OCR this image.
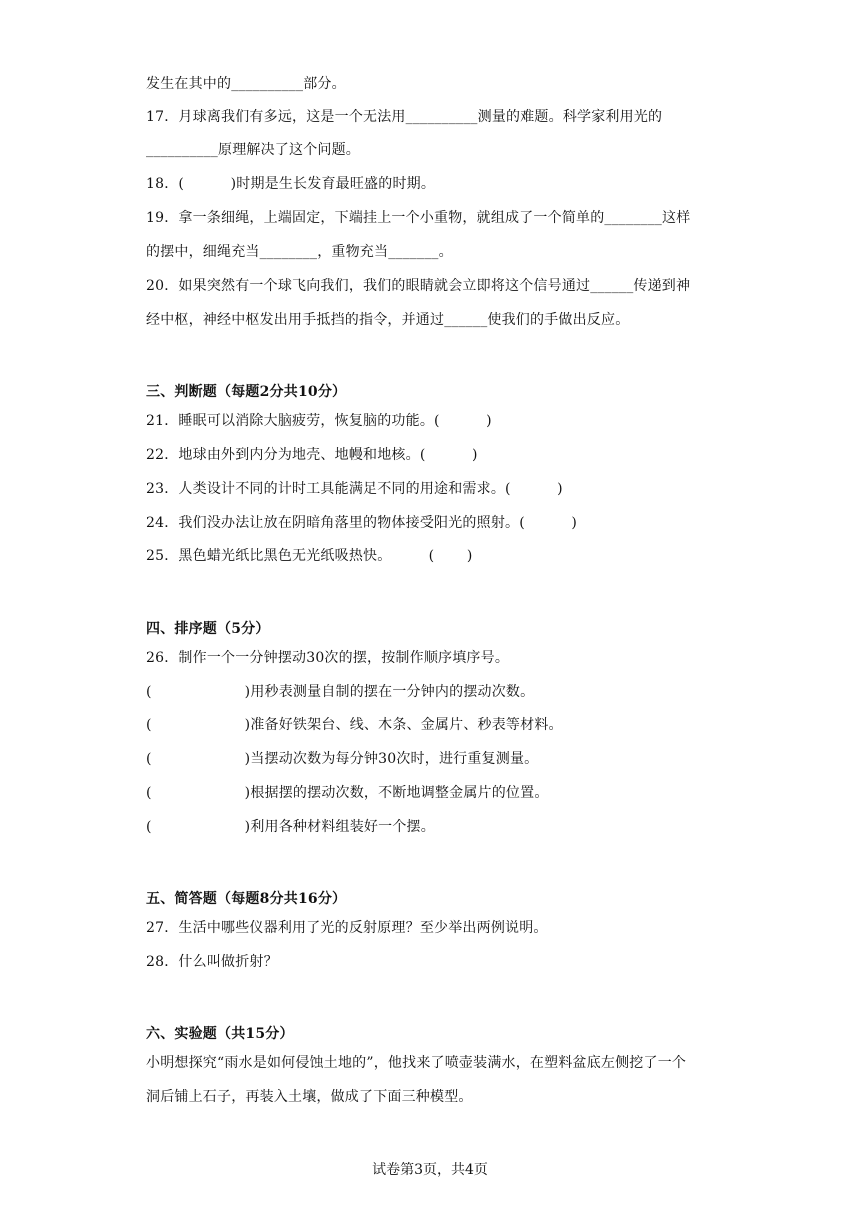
发生在其中的__________部分。
17．月球离我们有多远，这是一个无法用__________测量的难题。科学家利用光的
__________原理解决了这个问题。
18．(          )时期是生长发育最旺盛的时期。
19．拿一条细绳，上端固定，下端挂上一个小重物，就组成了一个简单的________这样
的摆中，细绳充当________，重物充当_______。
20．如果突然有一个球飞向我们，我们的眼睛就会立即将这个信号通过______传递到神
经中枢，神经中枢发出用手抵挡的指令，并通过______使我们的手做出反应。
三、判断题（每题2分共10分）
21．睡眠可以消除大脑疲劳，恢复脑的功能。(          )
22．地球由外到内分为地壳、地幔和地核。(          )
23．人类设计不同的计时工具能满足不同的用途和需求。(          )
24．我们没办法让放在阴暗角落里的物体接受阳光的照射。(          )
25．黑色蜡光纸比黑色无光纸吸热快。        (       )
四、排序题（5分）
26．制作一个一分钟摆动30次的摆，按制作顺序填序号。
(                    )用秒表测量自制的摆在一分钟内的摆动次数。
(                    )准备好铁架台、线、木条、金属片、秒表等材料。
(                    )当摆动次数为每分钟30次时，进行重复测量。
(                    )根据摆的摆动次数，不断地调整金属片的位置。
(                    )利用各种材料组装好一个摆。
五、简答题（每题8分共16分）
27．生活中哪些仪器利用了光的反射原理？至少举出两例说明。
28．什么叫做折射？
六、实验题（共15分）
小明想探究“雨水是如何侵蚀土地的”，他找来了喷壶装满水，在塑料盆底左侧挖了一个
洞后铺上石子，再装入土壤，做成了下面三种模型。
试卷第3页，共4页
